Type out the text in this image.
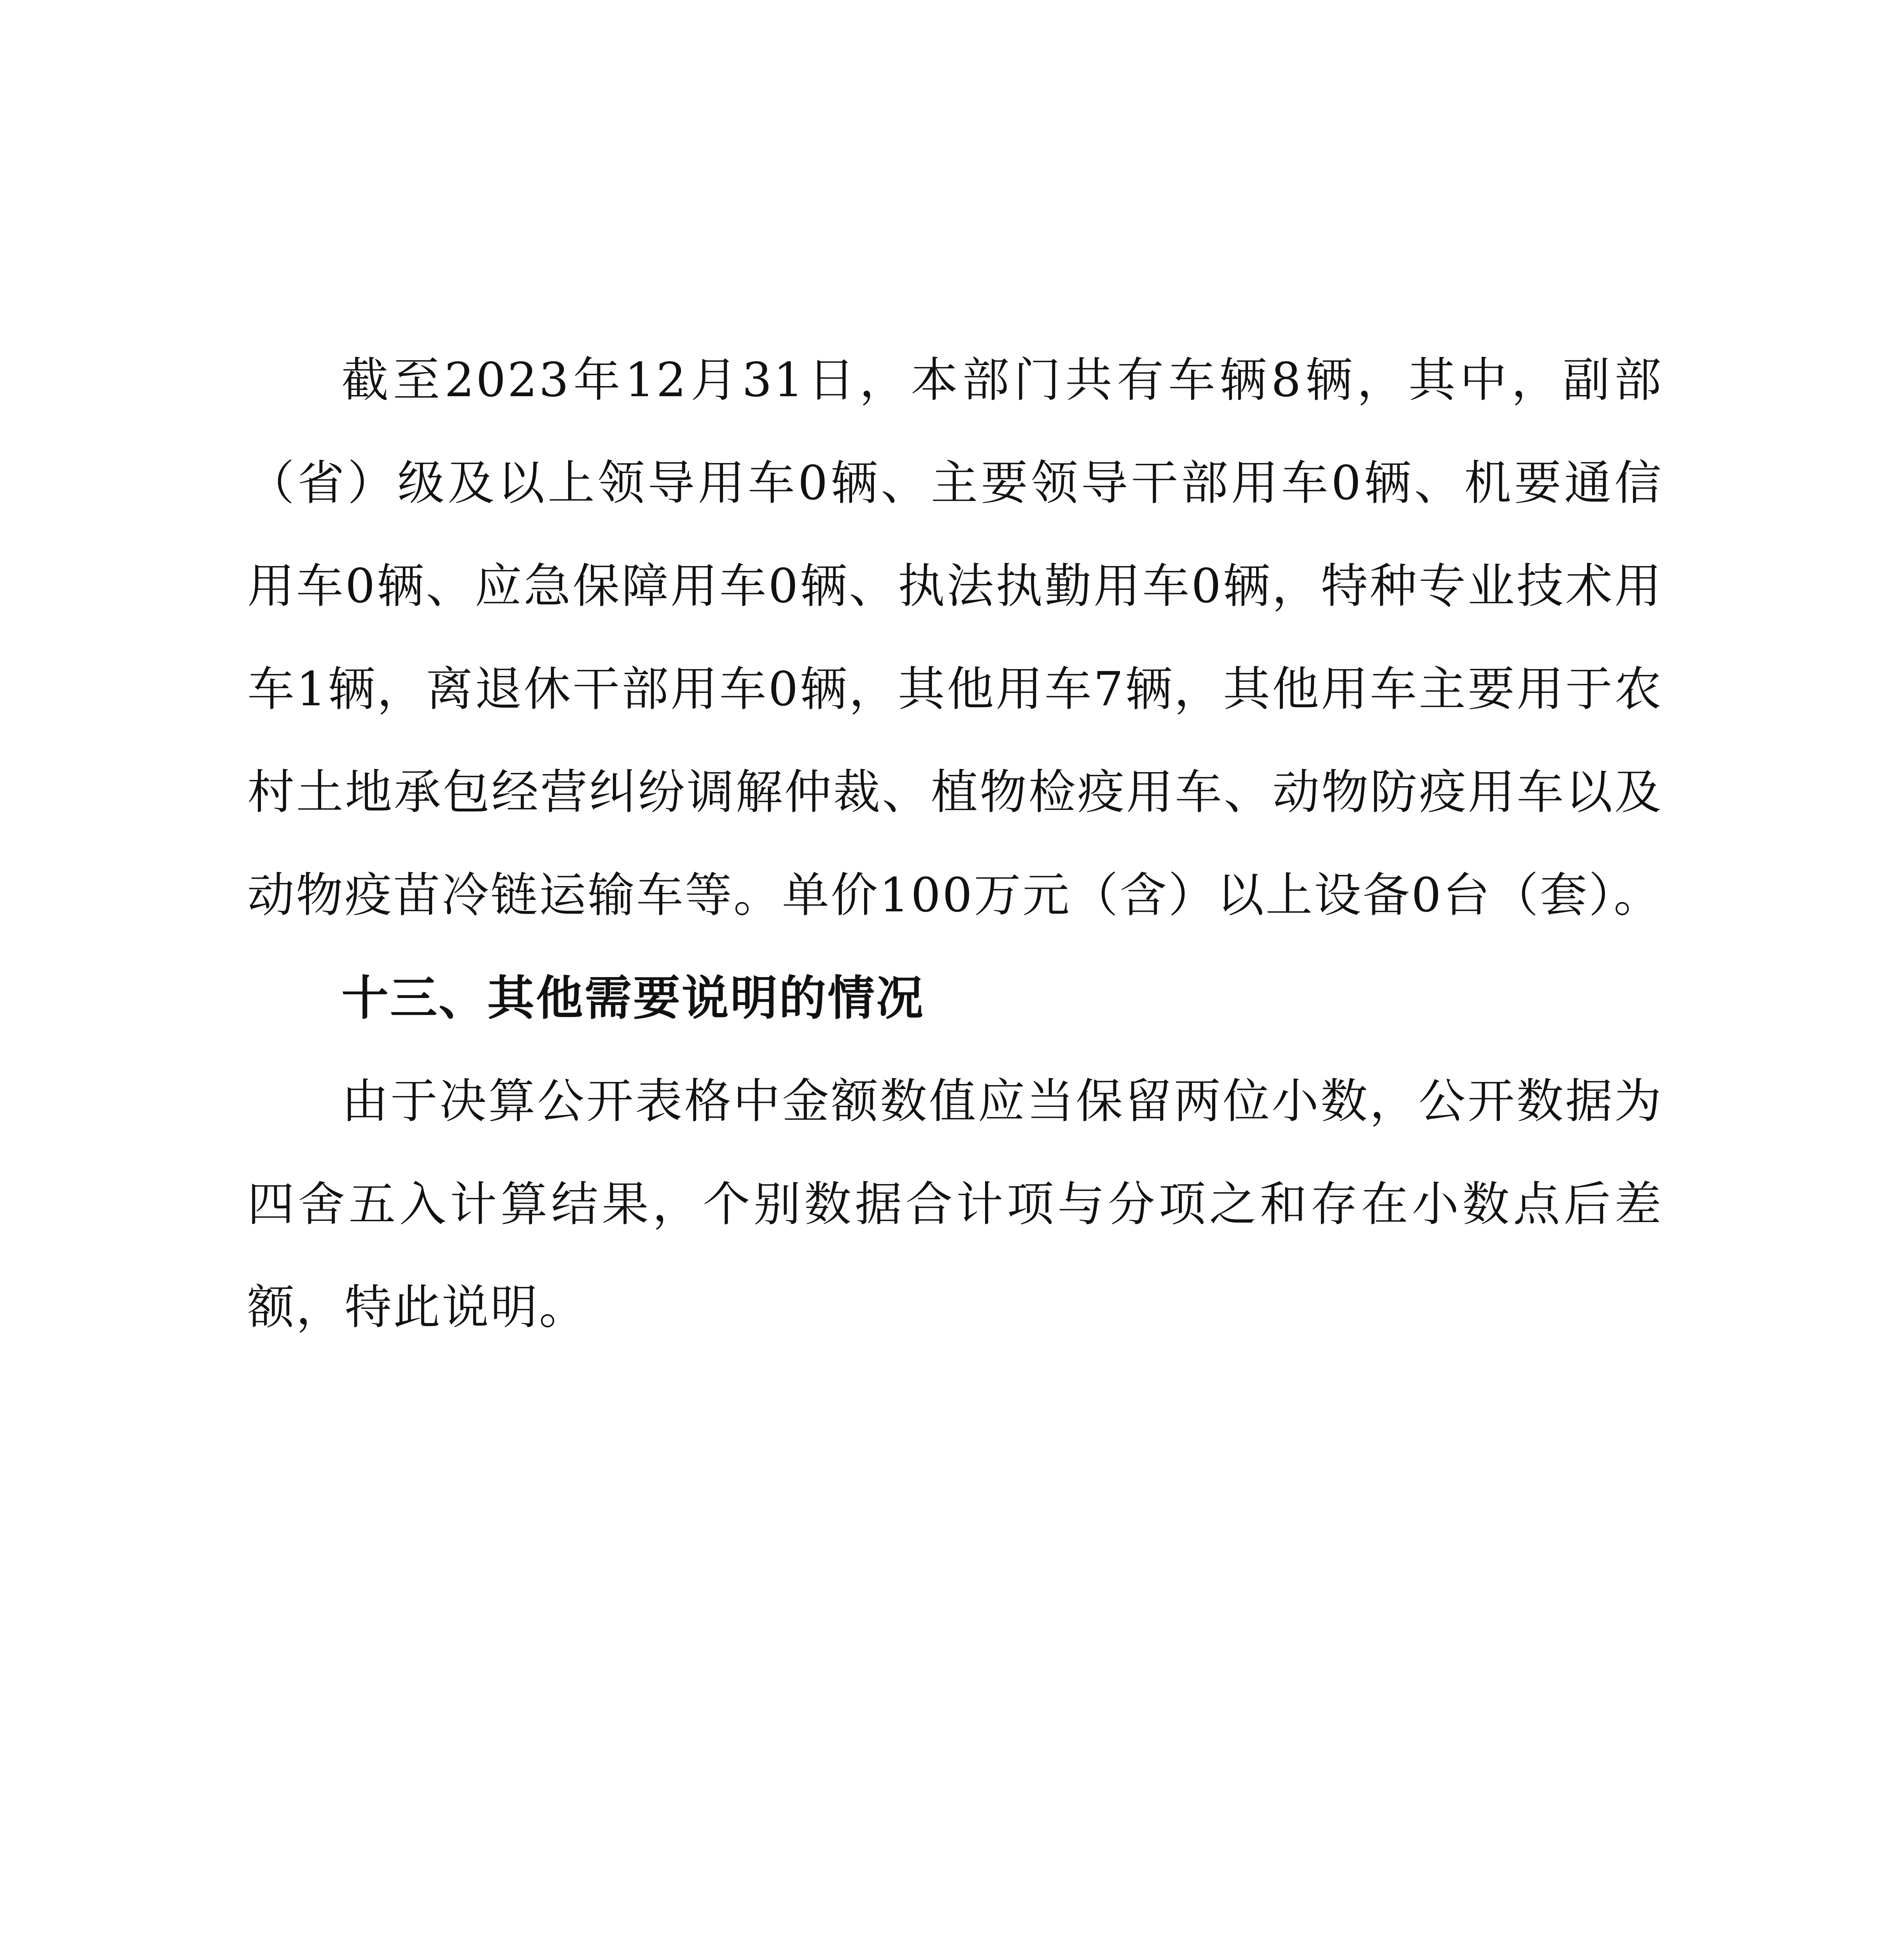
截至2023年12月31日，本部门共有车辆8辆，其中，副部（省）级及以上领导用车0辆、主要领导干部用车0辆、机要通信用车0辆、应急保障用车0辆、执法执勤用车0辆，特种专业技术用车1辆，离退休干部用车0辆，其他用车7辆，其他用车主要用于农村土地承包经营纠纷调解仲裁、植物检疫用车、动物防疫用车以及动物疫苗冷链运输车等。单价100万元（含）以上设备0台（套）。

十三、其他需要说明的情况

由于决算公开表格中金额数值应当保留两位小数，公开数据为四舍五入计算结果，个别数据合计项与分项之和存在小数点后差额，特此说明。
